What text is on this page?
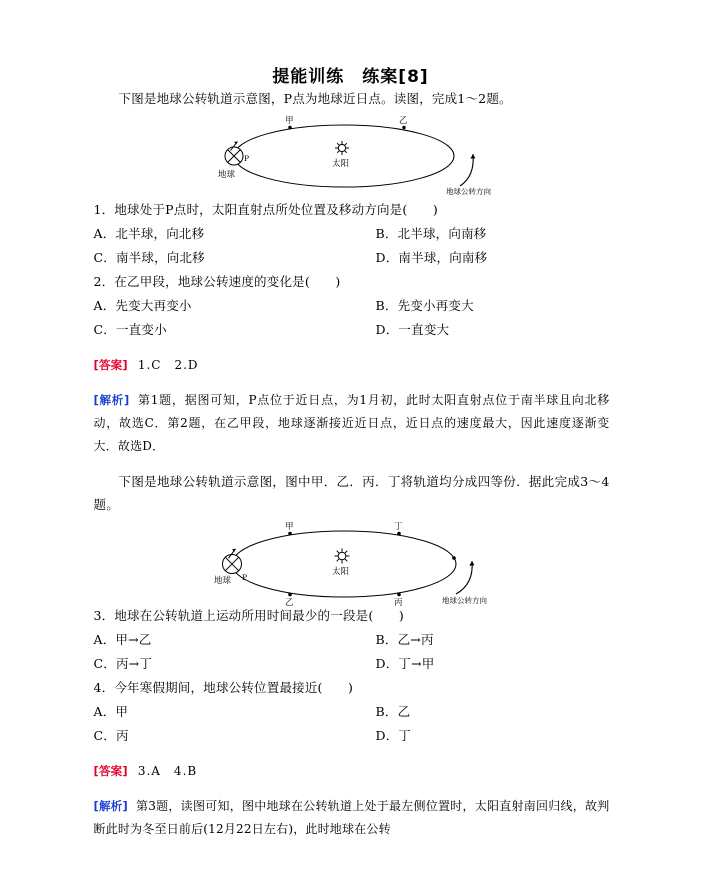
提能训练　练案[8]

下图是地球公转轨道示意图，P点为地球近日点。读图，完成1～2题。

甲	乙
地球
P
太阳
地球公转方向

1．地球处于P点时，太阳直射点所处位置及移动方向是(　　)

A．北半球，向北移	B．北半球，向南移
C．南半球，向北移	D．南半球，向南移

2．在乙甲段，地球公转速度的变化是(　　)

A．先变大再变小	B．先变小再变大
C．一直变小	D．一直变大

[答案] 1.C　2.D

[解析] 第1题，据图可知，P点位于近日点，为1月初，此时太阳直射点位于南半球且向北移动，故选C．第2题，在乙甲段，地球逐渐接近近日点，近日点的速度最大，因此速度逐渐变大．故选D．

下图是地球公转轨道示意图，图中甲．乙．丙．丁将轨道均分成四等份．据此完成3～4题。

甲	丁
乙	丙
地球 P
太阳
地球公转方向

3．地球在公转轨道上运动所用时间最少的一段是(　　)

A．甲→乙	B．乙→丙
C．丙→丁	D．丁→甲

4．今年寒假期间，地球公转位置最接近(　　)

A．甲	B．乙
C．丙	D．丁

[答案] 3.A　4.B

[解析] 第3题，读图可知，图中地球在公转轨道上处于最左侧位置时，太阳直射南回归线，故判断此时为冬至日前后(12月22日左右)，此时地球在公转
